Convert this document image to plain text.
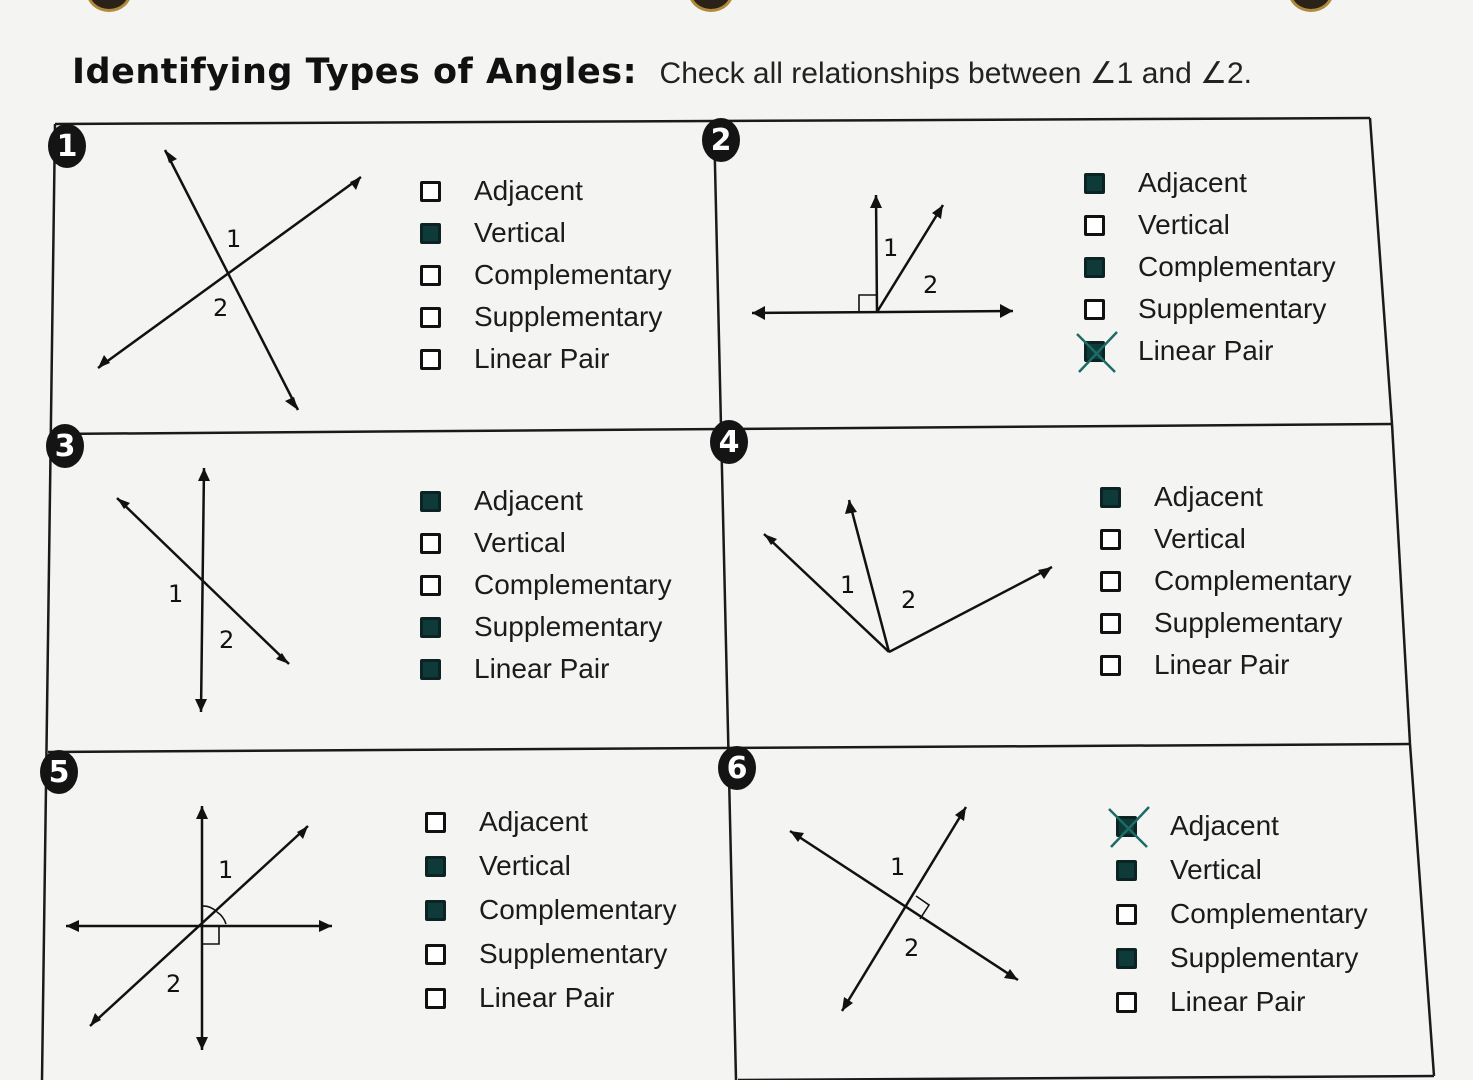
Identifying Types of Angles: Check all relationships between ∠1 and ∠2.
1
1
2
Adjacent
Vertical
Complementary
Supplementary
Linear Pair
2
1
2
Adjacent
Vertical
Complementary
Supplementary
Linear Pair
3
1
2
Adjacent
Vertical
Complementary
Supplementary
Linear Pair
4
1
2
Adjacent
Vertical
Complementary
Supplementary
Linear Pair
5
1
2
Adjacent
Vertical
Complementary
Supplementary
Linear Pair
6
1
2
Adjacent
Vertical
Complementary
Supplementary
Linear Pair
